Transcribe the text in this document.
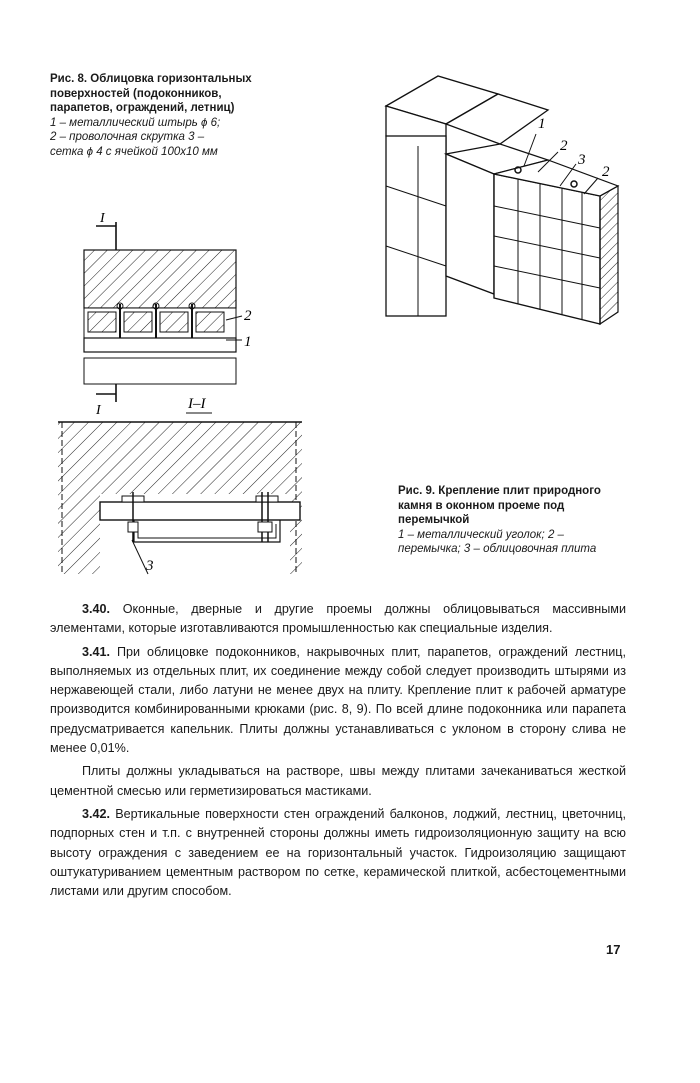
Рис. 8. Облицовка горизонтальных поверхностей (подоконников, парапетов, ограждений, летниц)
1 – металлический штырь ϕ 6;
2 – проволочная скрутка 3 –
сетка ϕ 4 с ячейкой 100х10 мм
I
2
1
I	I–I
3
1
2
3
2
Рис. 9. Крепление плит природного камня в оконном проеме под перемычкой
1 – металлический уголок; 2 – перемычка; 3 – облицовочная плита

3.40. Оконные, дверные и другие проемы должны облицовываться массивными элементами, которые изготавливаются промышленностью как специальные изделия.

3.41. При облицовке подоконников, накрывочных плит, парапетов, ограждений лестниц, выполняемых из отдельных плит, их соединение между собой следует производить штырями из нержавеющей стали, либо латуни не менее двух на плиту. Крепление плит к рабочей арматуре производится комбинированными крюками (рис. 8, 9). По всей длине подоконника или парапета предусматривается капельник. Плиты должны устанавливаться с уклоном в сторону слива не менее 0,01%.

Плиты должны укладываться на растворе, швы между плитами зачеканиваться жесткой цементной смесью или герметизироваться мастиками.

3.42. Вертикальные поверхности стен ограждений балконов, лоджий, лестниц, цветочниц, подпорных стен и т.п. с внутренней стороны должны иметь гидроизоляционную защиту на всю высоту ограждения с заведением ее на горизонтальный участок. Гидроизоляцию защищают оштукатуриванием цементным раствором по сетке, керамической плиткой, асбестоцементными листами или другим способом.

17
